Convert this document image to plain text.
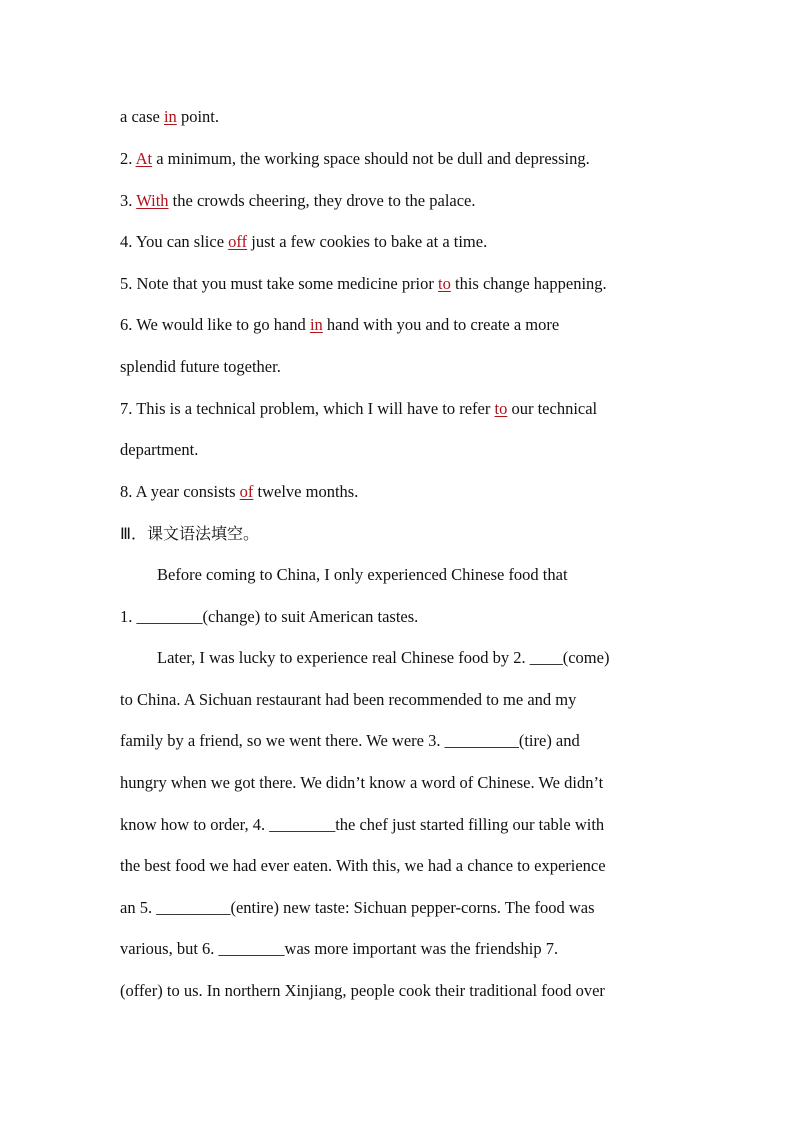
a case in point.
2. At a minimum, the working space should not be dull and depressing.
3. With the crowds cheering, they drove to the palace.
4. You can slice off just a few cookies to bake at a time.
5. Note that you must take some medicine prior to this change happening.
6. We would like to go hand in hand with you and to create a more
splendid future together.
7. This is a technical problem, which I will have to refer to our technical
department.
8. A year consists of twelve months.
Ⅲ．课文语法填空。
Before coming to China, I only experienced Chinese food that
1. ________(change) to suit American tastes.
Later, I was lucky to experience real Chinese food by 2. ____(come)
to China. A Sichuan restaurant had been recommended to me and my
family by a friend, so we went there. We were 3. _________(tire) and
hungry when we got there. We didn’t know a word of Chinese. We didn’t
know how to order, 4. ________the chef just started filling our table with
the best food we had ever eaten. With this, we had a chance to experience
an 5. _________(entire) new taste: Sichuan pepper-corns. The food was
various, but 6. ________was more important was the friendship 7.
(offer) to us. In northern Xinjiang, people cook their traditional food over
